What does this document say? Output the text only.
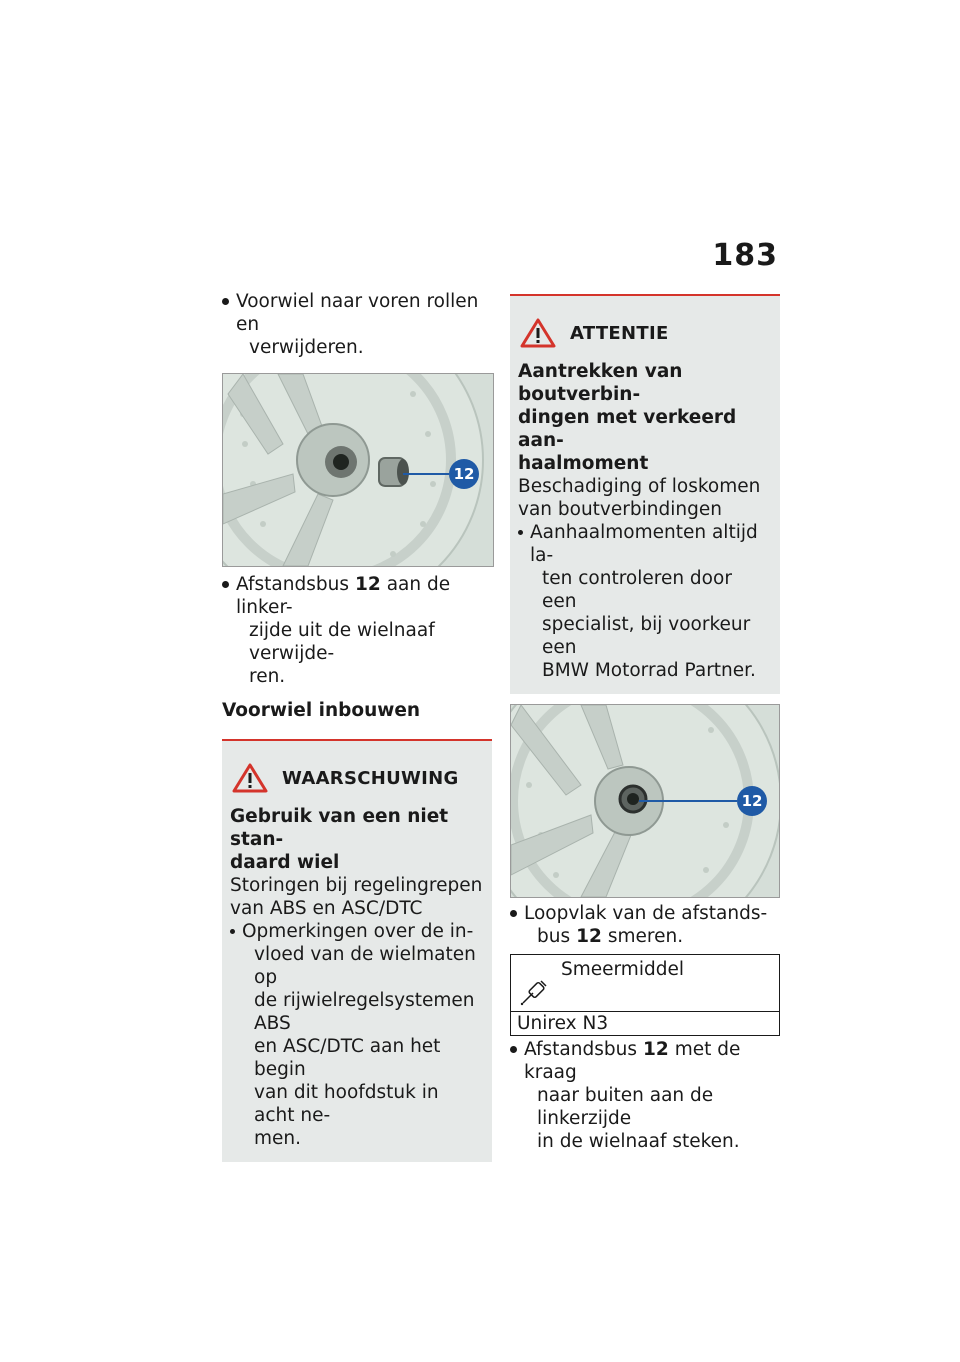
183
Voorwiel naar voren rollen en
verwijderen.
12
Afstandsbus 12 aan de linker-
zijde uit de wielnaaf verwijde-
ren.
Voorwiel inbouwen
WAARSCHUWING
Gebruik van een niet stan-
daard wiel
Storingen bij regelingrepen
van ABS en ASC/DTC
Opmerkingen over de in-
vloed van de wielmaten op
de rijwielregelsystemen ABS
en ASC/DTC aan het begin
van dit hoofdstuk in acht ne-
men.
ATTENTIE
Aantrekken van boutverbin-
dingen met verkeerd aan-
haalmoment
Beschadiging of loskomen
van boutverbindingen
Aanhaalmomenten altijd la-
ten controleren door een
specialist, bij voorkeur een
BMW Motorrad Partner.
12
Loopvlak van de afstands-
bus 12 smeren.
Smeermiddel
Unirex N3
Afstandsbus 12 met de kraag
naar buiten aan de linkerzijde
in de wielnaaf steken.
